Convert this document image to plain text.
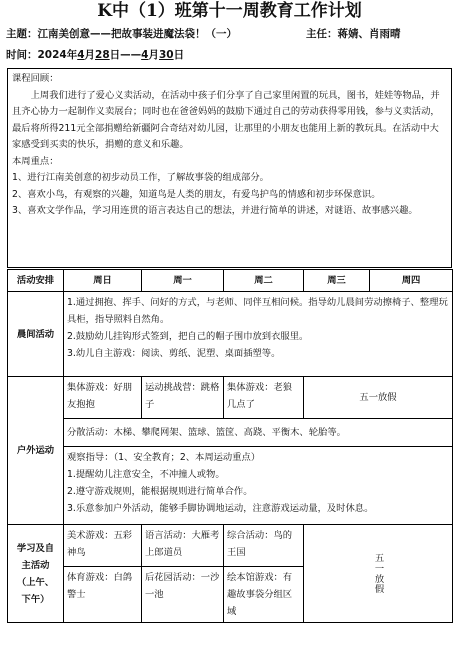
K中（1）班第十一周教育工作计划
主题：江南美创意——把故事装进魔法袋！（一）	主任：蒋婧、肖雨晴
时间：2024年4月28日——4月30日

课程回顾：

上周我们进行了爱心义卖活动，在活动中孩子们分享了自己家里闲置的玩具，图书，娃娃等物品，并且齐心协力一起制作义卖展台；同时也在爸爸妈妈的鼓励下通过自己的劳动获得零用钱，参与义卖活动，最后将所得211元全部捐赠给新疆阿合奇结对幼儿园，让那里的小朋友也能用上新的教玩具。在活动中大家感受到买卖的快乐，捐赠的意义和乐趣。

本周重点：

1、进行江南美创意的初步动员工作，了解故事袋的组成部分。

2、喜欢小鸟，有观察的兴趣，知道鸟是人类的朋友，有爱鸟护鸟的情感和初步环保意识。

3、喜欢文学作品，学习用连贯的语言表达自己的想法，并进行简单的讲述，对谜语、故事感兴趣。

活动安排	周日	周一	周二	周三	周四
晨间活动	1.通过拥抱、挥手、问好的方式，与老师、同伴互相问候。指导幼儿晨间劳动擦椅子、整理玩具柜，指导照料自然角。
2.鼓励幼儿挂钩形式签到，把自己的帽子围巾放到衣服里。
3.幼儿自主游戏：阅读、剪纸、泥塑、桌面插塑等。				

户外运动	集体游戏：好朋友抱抱	运动挑战营：跳格子	集体游戏：老狼几点了	五一放假	
	分散活动：木梯、攀爬网架、篮球、篮筐、高跷、平衡木、轮胎等。				

	观察指导：（1、安全教育；2、本周运动重点）
1.提醒幼儿注意安全，不冲撞人或物。
2.遵守游戏规则，能根据规则进行简单合作。
3.乐意参加户外活动，能够手脚协调地运动，注意游戏运动量，及时休息。				

学习及自
主活动
（上午、
下午）	美术游戏：五彩神鸟	语言活动：大雁考上郎道员	综合活动：鸟的王国	五一放假	

	体育游戏：白鸽警士	后花园活动：一沙一池	绘本馆游戏：有趣故事袋分组区域		
